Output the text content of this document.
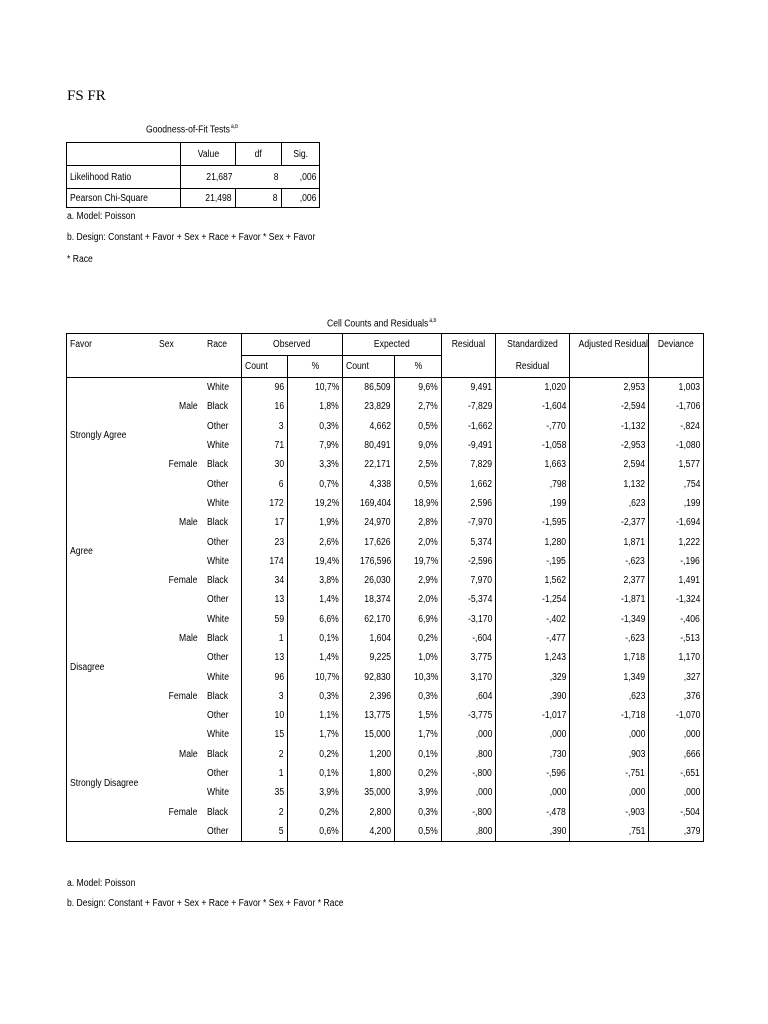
FS FR
Goodness-of-Fit Tests$^{a,b}$
	Value	df	Sig.
Likelihood Ratio	21,687	8	,006
Pearson Chi-Square	21,498	8	,006
a. Model: Poisson
b. Design: Constant + Favor + Sex + Race + Favor * Sex + Favor
* Race
Cell Counts and Residuals$^{a,b}$
Favor	Sex	Race	Observed		Expected		Residual	Standardized	Adjusted Residual	Deviance
			Count	%	Count	%		Residual		
Strongly Agree	Male	White	96	10,7%	86,509	9,6%	9,491	1,020	2,953	1,003
		Black	16	1,8%	23,829	2,7%	-7,829	-1,604	-2,594	-1,706
		Other	3	0,3%	4,662	0,5%	-1,662	-,770	-1,132	-,824
	Female	White	71	7,9%	80,491	9,0%	-9,491	-1,058	-2,953	-1,080
		Black	30	3,3%	22,171	2,5%	7,829	1,663	2,594	1,577
		Other	6	0,7%	4,338	0,5%	1,662	,798	1,132	,754
Agree	Male	White	172	19,2%	169,404	18,9%	2,596	,199	,623	,199
		Black	17	1,9%	24,970	2,8%	-7,970	-1,595	-2,377	-1,694
		Other	23	2,6%	17,626	2,0%	5,374	1,280	1,871	1,222
	Female	White	174	19,4%	176,596	19,7%	-2,596	-,195	-,623	-,196
		Black	34	3,8%	26,030	2,9%	7,970	1,562	2,377	1,491
		Other	13	1,4%	18,374	2,0%	-5,374	-1,254	-1,871	-1,324
Disagree	Male	White	59	6,6%	62,170	6,9%	-3,170	-,402	-1,349	-,406
		Black	1	0,1%	1,604	0,2%	-,604	-,477	-,623	-,513
		Other	13	1,4%	9,225	1,0%	3,775	1,243	1,718	1,170
	Female	White	96	10,7%	92,830	10,3%	3,170	,329	1,349	,327
		Black	3	0,3%	2,396	0,3%	,604	,390	,623	,376
		Other	10	1,1%	13,775	1,5%	-3,775	-1,017	-1,718	-1,070
Strongly Disagree	Male	White	15	1,7%	15,000	1,7%	,000	,000	,000	,000
		Black	2	0,2%	1,200	0,1%	,800	,730	,903	,666
		Other	1	0,1%	1,800	0,2%	-,800	-,596	-,751	-,651
	Female	White	35	3,9%	35,000	3,9%	,000	,000	,000	,000
		Black	2	0,2%	2,800	0,3%	-,800	-,478	-,903	-,504
		Other	5	0,6%	4,200	0,5%	,800	,390	,751	,379
a. Model: Poisson
b. Design: Constant + Favor + Sex + Race + Favor * Sex + Favor * Race
